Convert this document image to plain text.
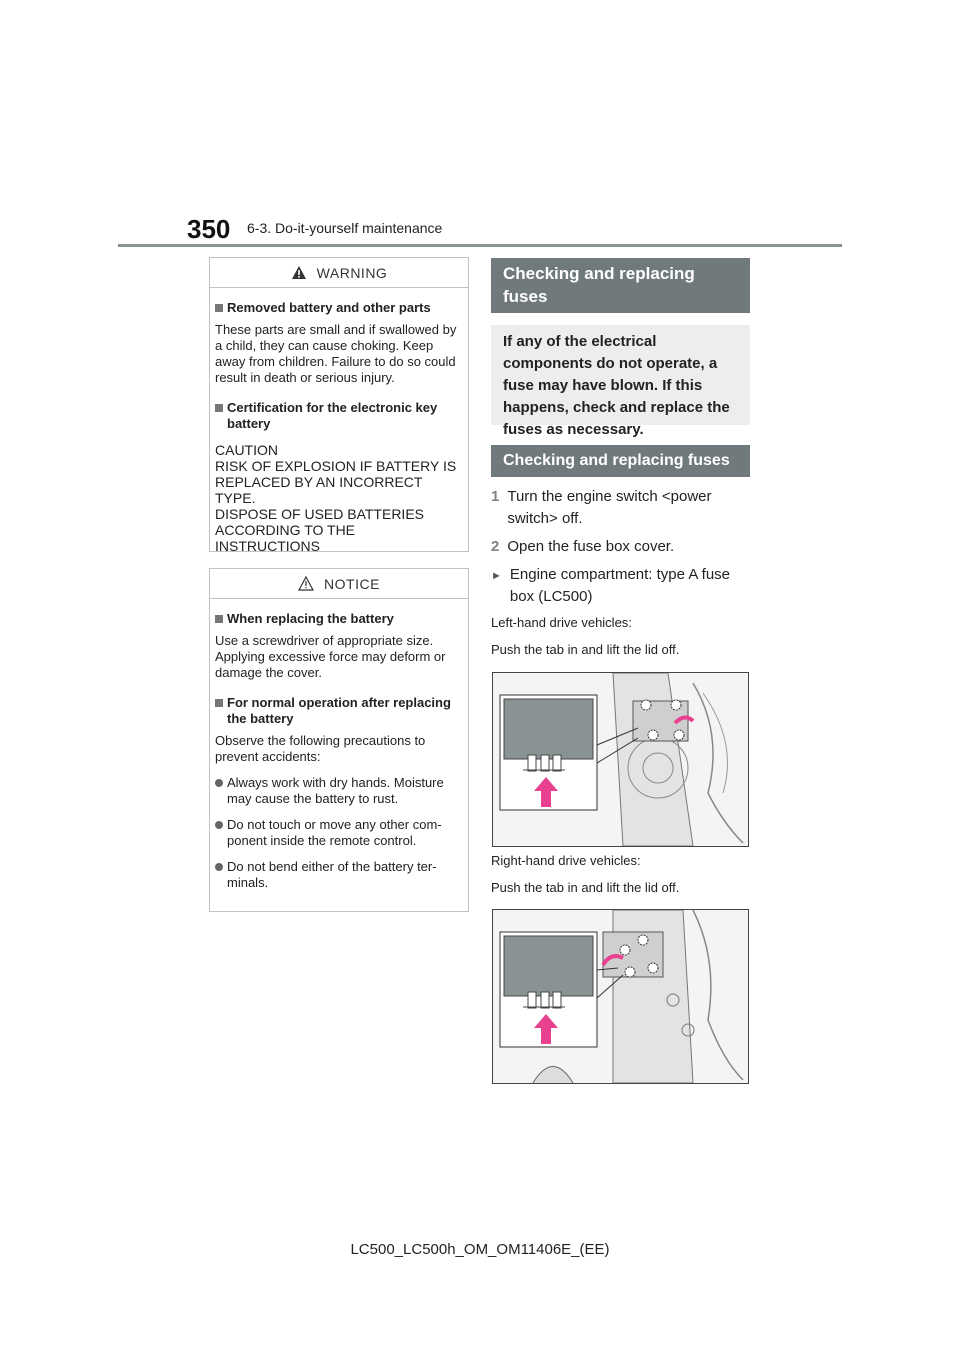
350 6-3. Do-it-yourself maintenance
WARNING
Removed battery and other parts
These parts are small and if swallowed by a child, they can cause choking. Keep away from children. Failure to do so could result in death or serious injury.
Certification for the electronic key battery
CAUTION
RISK OF EXPLOSION IF BATTERY IS REPLACED BY AN INCORRECT TYPE.
DISPOSE OF USED BATTERIES ACCORDING TO THE INSTRUCTIONS
NOTICE
When replacing the battery
Use a screwdriver of appropriate size. Applying excessive force may deform or damage the cover.
For normal operation after replacing the battery
Observe the following precautions to prevent accidents:
Always work with dry hands. Moisture may cause the battery to rust.
Do not touch or move any other com-ponent inside the remote control.
Do not bend either of the battery ter-minals.
Checking and replacing fuses
If any of the electrical components do not operate, a fuse may have blown. If this happens, check and replace the fuses as necessary.
Checking and replacing fuses
1 Turn the engine switch <power switch> off.
2 Open the fuse box cover.
► Engine compartment: type A fuse box (LC500)
Left-hand drive vehicles:
Push the tab in and lift the lid off.
Right-hand drive vehicles:
Push the tab in and lift the lid off.
LC500_LC500h_OM_OM11406E_(EE)
